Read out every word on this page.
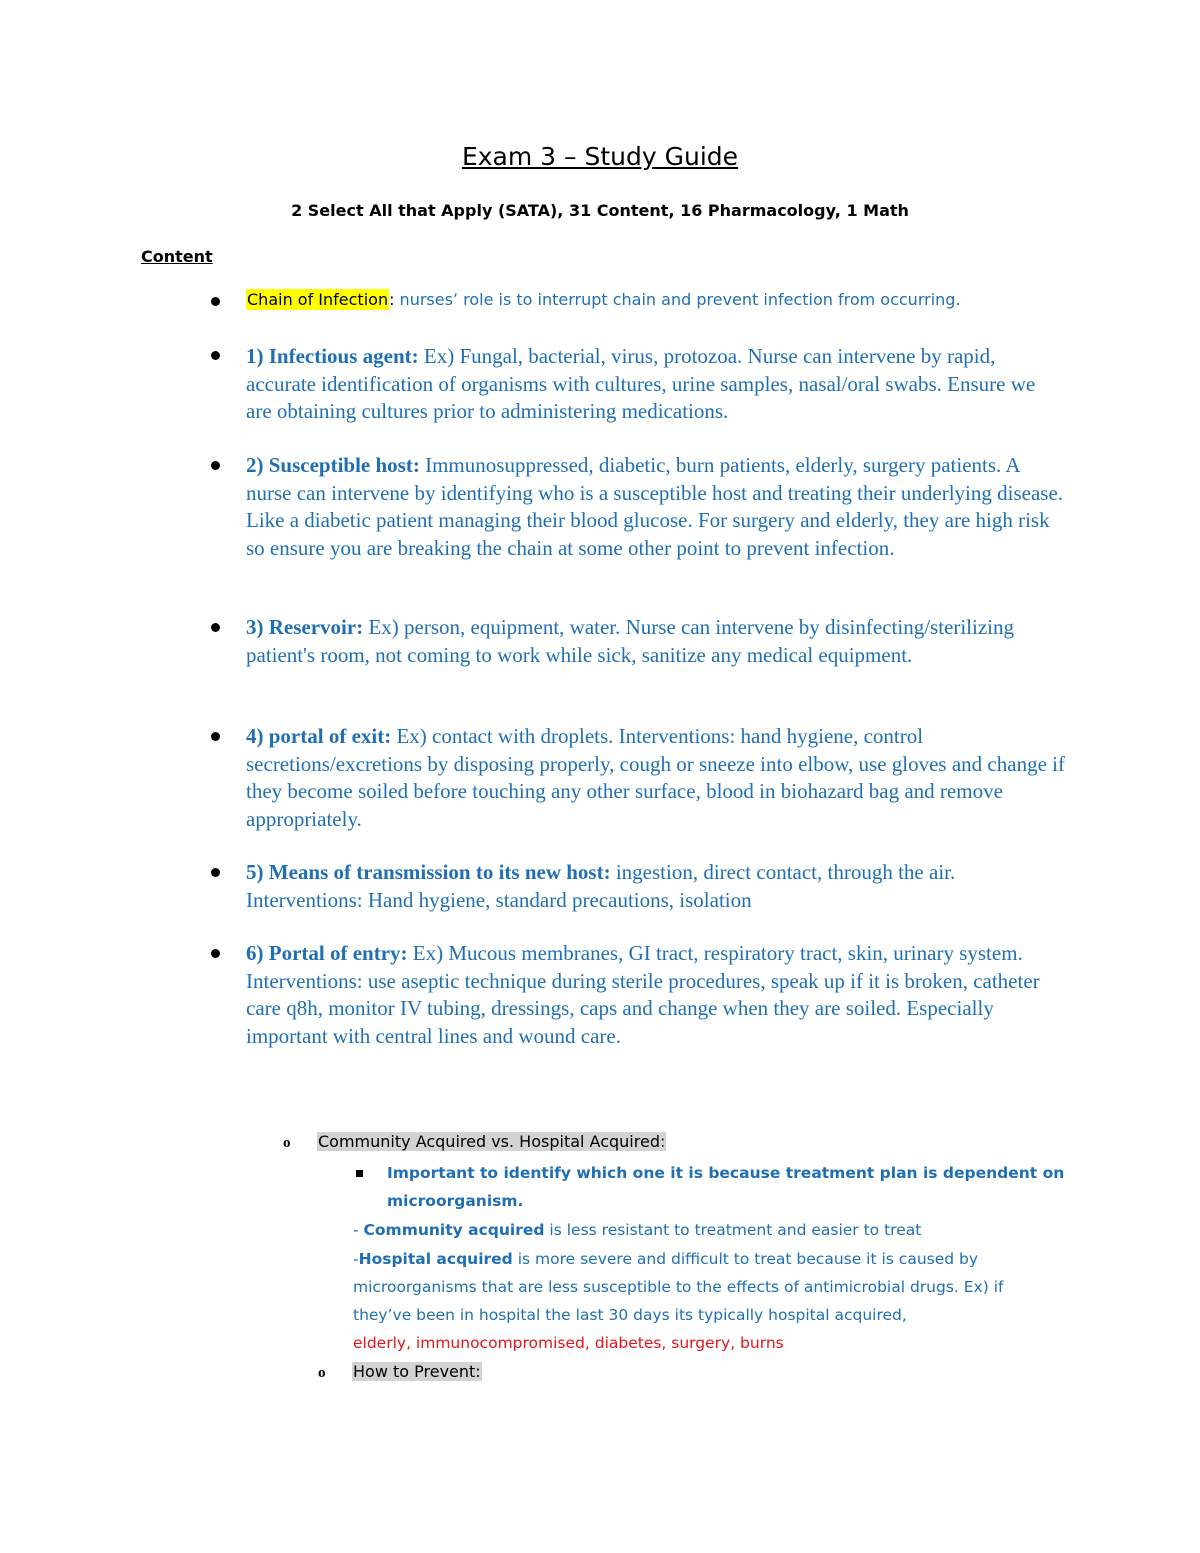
Exam 3 – Study Guide

2 Select All that Apply (SATA), 31 Content, 16 Pharmacology, 1 Math

Content

Chain of Infection: nurses’ role is to interrupt chain and prevent infection from occurring.
1) Infectious agent: Ex) Fungal, bacterial, virus, protozoa. Nurse can intervene by rapid, accurate identification of organisms with cultures, urine samples, nasal/oral swabs. Ensure we are obtaining cultures prior to administering medications.
2) Susceptible host: Immunosuppressed, diabetic, burn patients, elderly, surgery patients. A nurse can intervene by identifying who is a susceptible host and treating their underlying disease. Like a diabetic patient managing their blood glucose. For surgery and elderly, they are high risk so ensure you are breaking the chain at some other point to prevent infection.
3) Reservoir: Ex) person, equipment, water. Nurse can intervene by disinfecting/sterilizing patient's room, not coming to work while sick, sanitize any medical equipment.
4) portal of exit: Ex) contact with droplets. Interventions: hand hygiene, control secretions/excretions by disposing properly, cough or sneeze into elbow, use gloves and change if they become soiled before touching any other surface, blood in biohazard bag and remove appropriately.
5) Means of transmission to its new host: ingestion, direct contact, through the air. Interventions: Hand hygiene, standard precautions, isolation
6) Portal of entry: Ex) Mucous membranes, GI tract, respiratory tract, skin, urinary system. Interventions: use aseptic technique during sterile procedures, speak up if it is broken, catheter care q8h, monitor IV tubing, dressings, caps and change when they are soiled. Especially important with central lines and wound care.
o Community Acquired vs. Hospital Acquired:
Important to identify which one it is because treatment plan is dependent on microorganism.
- Community acquired is less resistant to treatment and easier to treat
-Hospital acquired is more severe and difficult to treat because it is caused by microorganisms that are less susceptible to the effects of antimicrobial drugs. Ex) if they’ve been in hospital the last 30 days its typically hospital acquired,
elderly, immunocompromised, diabetes, surgery, burns
o How to Prevent:
